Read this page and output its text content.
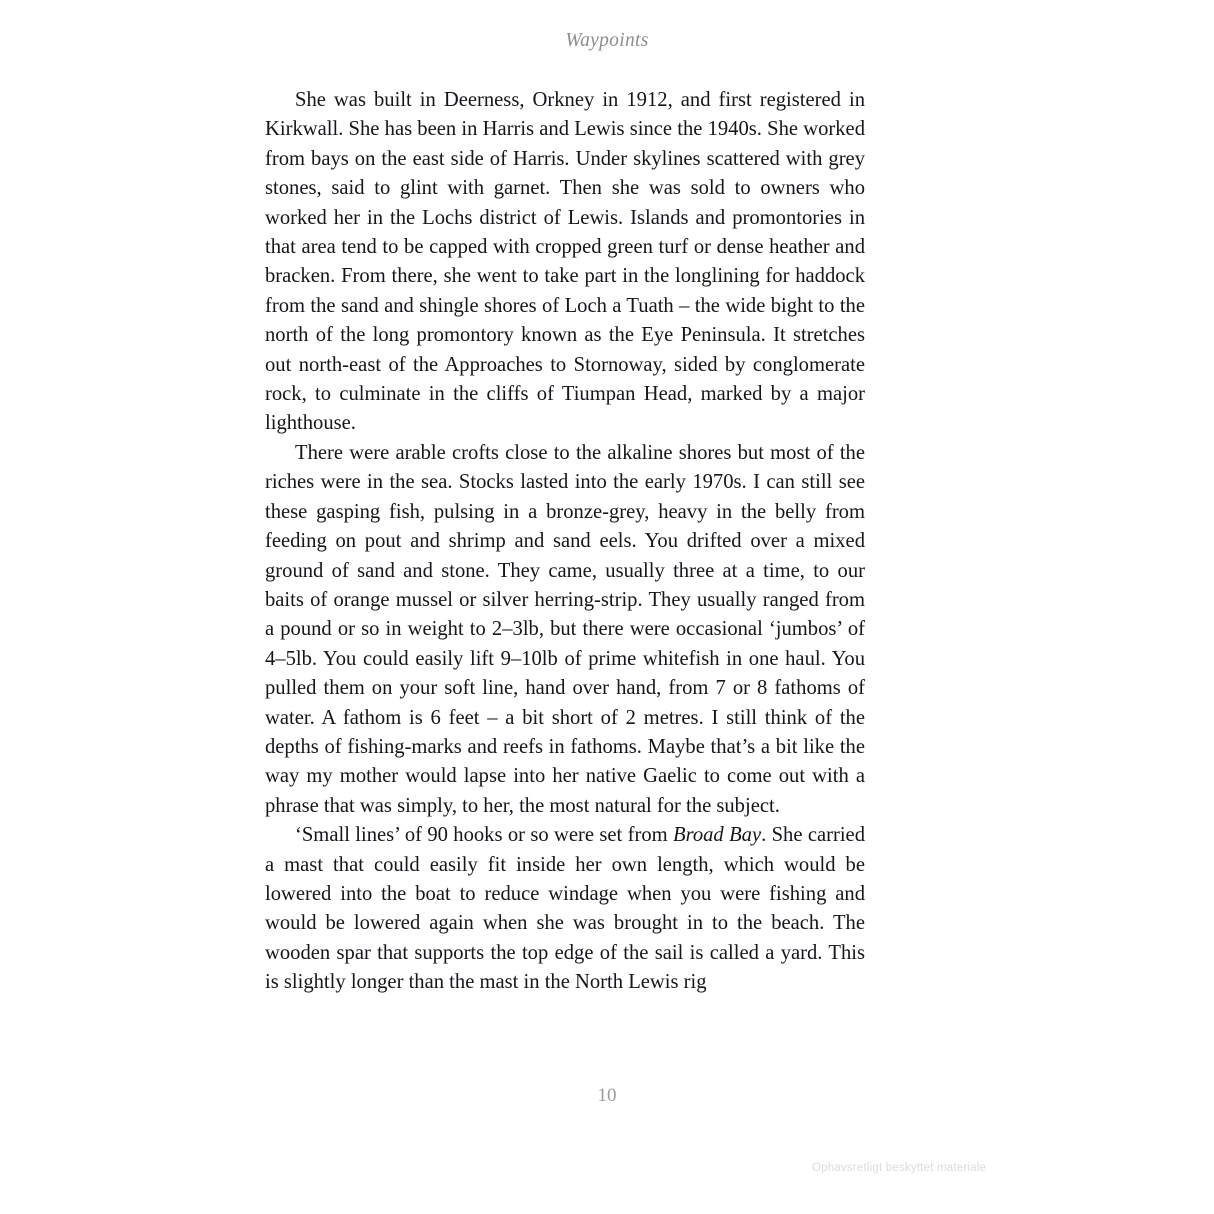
Waypoints

She was built in Deerness, Orkney in 1912, and first registered in Kirkwall. She has been in Harris and Lewis since the 1940s. She worked from bays on the east side of Harris. Under skylines scattered with grey stones, said to glint with garnet. Then she was sold to owners who worked her in the Lochs district of Lewis. Islands and promontories in that area tend to be capped with cropped green turf or dense heather and bracken. From there, she went to take part in the longlining for haddock from the sand and shingle shores of Loch a Tuath – the wide bight to the north of the long promontory known as the Eye Peninsula. It stretches out north-east of the Approaches to Stornoway, sided by conglomerate rock, to culminate in the cliffs of Tiumpan Head, marked by a major lighthouse.

There were arable crofts close to the alkaline shores but most of the riches were in the sea. Stocks lasted into the early 1970s. I can still see these gasping fish, pulsing in a bronze-grey, heavy in the belly from feeding on pout and shrimp and sand eels. You drifted over a mixed ground of sand and stone. They came, usually three at a time, to our baits of orange mussel or silver herring-strip. They usually ranged from a pound or so in weight to 2–3lb, but there were occasional ‘jumbos’ of 4–5lb. You could easily lift 9–10lb of prime whitefish in one haul. You pulled them on your soft line, hand over hand, from 7 or 8 fathoms of water. A fathom is 6 feet – a bit short of 2 metres. I still think of the depths of fishing-marks and reefs in fathoms. Maybe that’s a bit like the way my mother would lapse into her native Gaelic to come out with a phrase that was simply, to her, the most natural for the subject.

‘Small lines’ of 90 hooks or so were set from Broad Bay. She carried a mast that could easily fit inside her own length, which would be lowered into the boat to reduce windage when you were fishing and would be lowered again when she was brought in to the beach. The wooden spar that supports the top edge of the sail is called a yard. This is slightly longer than the mast in the North Lewis rig

10
Ophavsretligt beskyttet materiale
